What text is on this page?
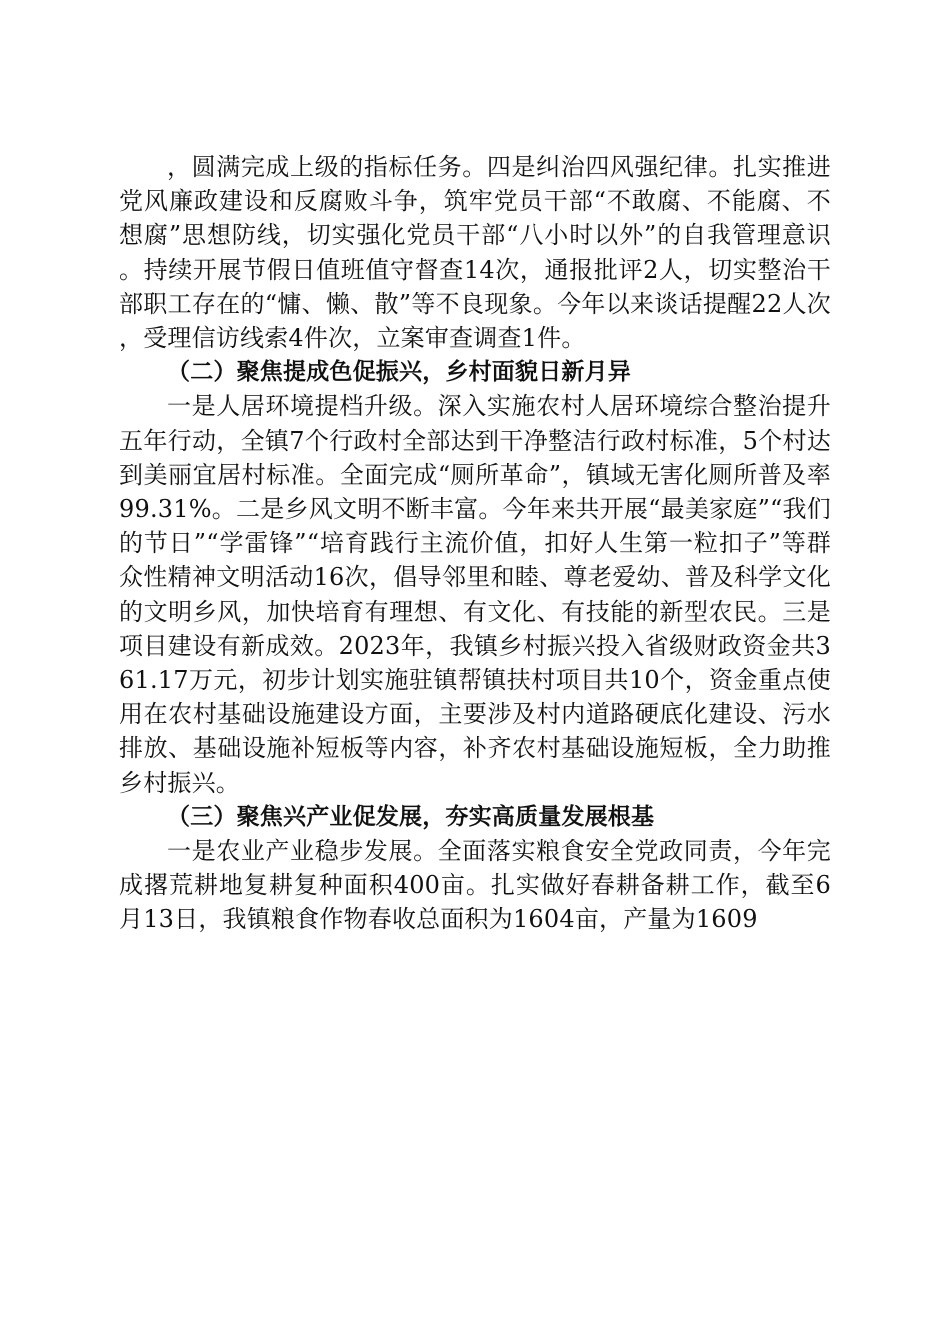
，圆满完成上级的指标任务。四是纠治四风强纪律。扎实推进党风廉政建设和反腐败斗争，筑牢党员干部“不敢腐、不能腐、不想腐”思想防线，切实强化党员干部“八小时以外”的自我管理意识。持续开展节假日值班值守督查14次，通报批评2人，切实整治干部职工存在的“慵、懒、散”等不良现象。今年以来谈话提醒22人次，受理信访线索4件次，立案审查调查1件。

（二）聚焦提成色促振兴，乡村面貌日新月异

一是人居环境提档升级。深入实施农村人居环境综合整治提升五年行动，全镇7个行政村全部达到干净整洁行政村标准，5个村达到美丽宜居村标准。全面完成“厕所革命”，镇域无害化厕所普及率99.31%。二是乡风文明不断丰富。今年来共开展“最美家庭”“我们的节日”“学雷锋”“培育践行主流价值，扣好人生第一粒扣子”等群众性精神文明活动16次，倡导邻里和睦、尊老爱幼、普及科学文化的文明乡风，加快培育有理想、有文化、有技能的新型农民。三是项目建设有新成效。2023年，我镇乡村振兴投入省级财政资金共361.17万元，初步计划实施驻镇帮镇扶村项目共10个，资金重点使用在农村基础设施建设方面，主要涉及村内道路硬底化建设、污水排放、基础设施补短板等内容，补齐农村基础设施短板，全力助推乡村振兴。

（三）聚焦兴产业促发展，夯实高质量发展根基

一是农业产业稳步发展。全面落实粮食安全党政同责，今年完成撂荒耕地复耕复种面积400亩。扎实做好春耕备耕工作，截至6月13日，我镇粮食作物春收总面积为1604亩，产量为1609
